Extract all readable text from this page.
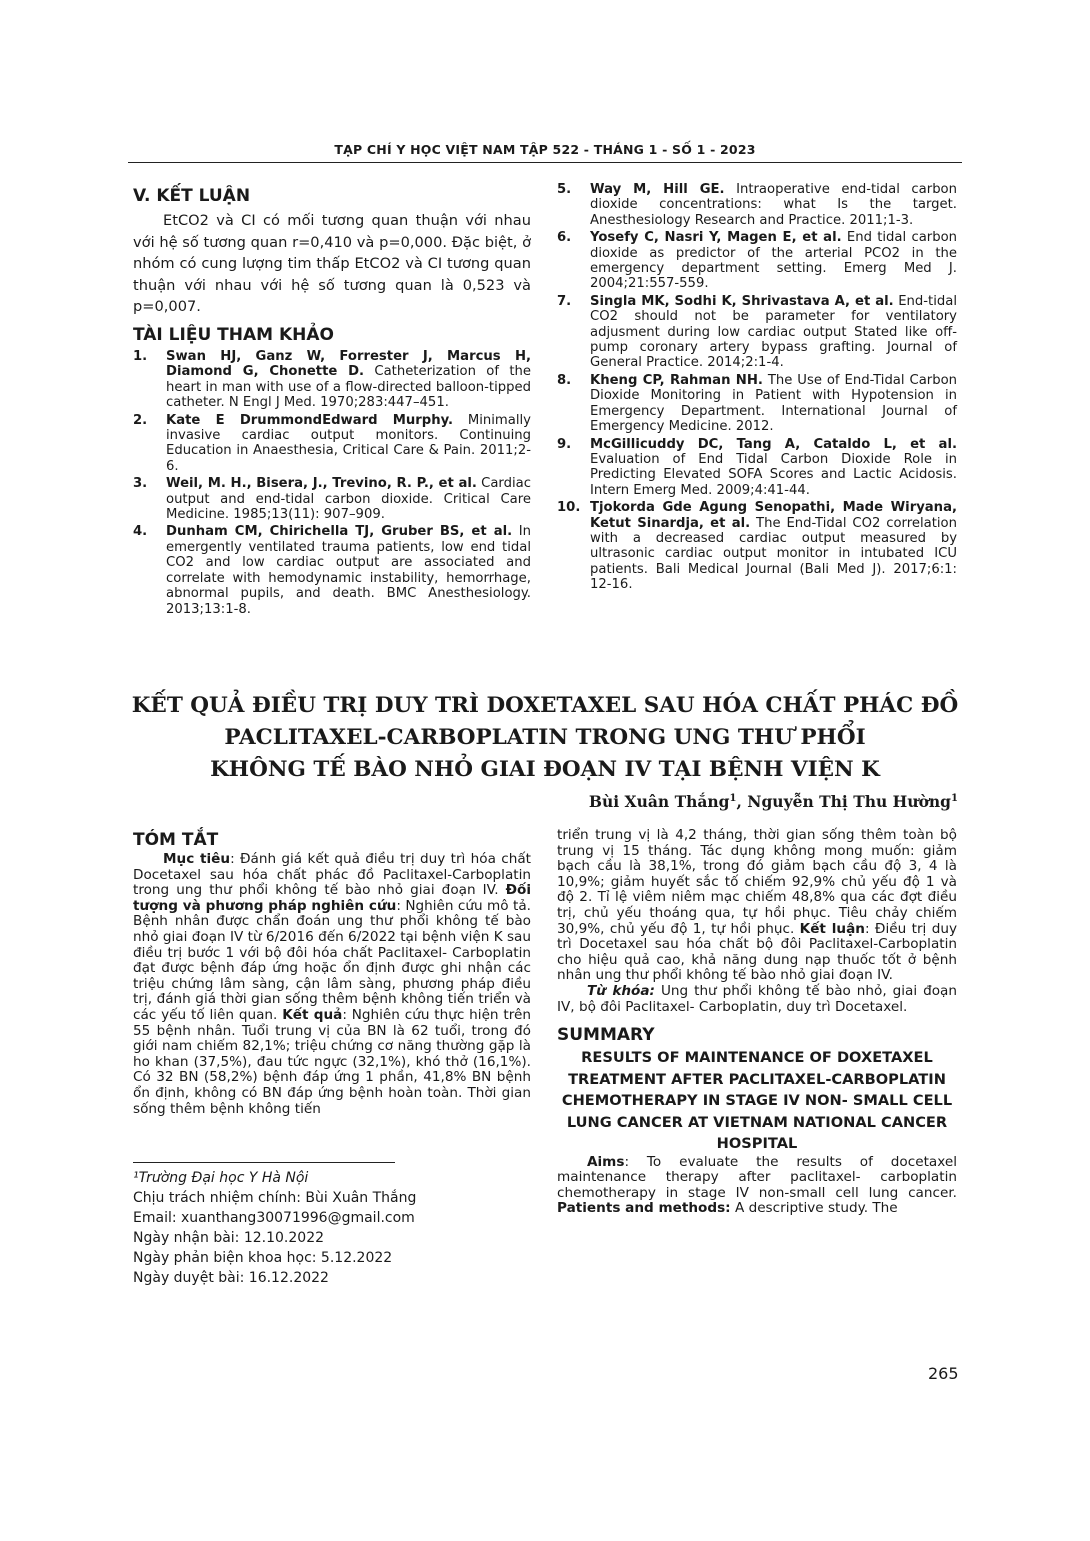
TẠP CHÍ Y HỌC VIỆT NAM TẬP 522 - THÁNG 1 - SỐ 1 - 2023
V. KẾT LUẬN

EtCO2 và CI có mối tương quan thuận với nhau với hệ số tương quan r=0,410 và p=0,000. Đặc biệt, ở nhóm có cung lượng tim thấp EtCO2 và CI tương quan thuận với nhau với hệ số tương quan là 0,523 và p=0,007.

TÀI LIỆU THAM KHẢO
1. Swan HJ, Ganz W, Forrester J, Marcus H, Diamond G, Chonette D. Catheterization of the heart in man with use of a flow-directed balloon-tipped catheter. N Engl J Med. 1970;283:447–451.
2. Kate E DrummondEdward Murphy. Minimally invasive cardiac output monitors. Continuing Education in Anaesthesia, Critical Care & Pain. 2011;2-6.
3. Weil, M. H., Bisera, J., Trevino, R. P., et al. Cardiac output and end-tidal carbon dioxide. Critical Care Medicine. 1985;13(11): 907–909.
4. Dunham CM, Chirichella TJ, Gruber BS, et al. In emergently ventilated trauma patients, low end tidal CO2 and low cardiac output are associated and correlate with hemodynamic instability, hemorrhage, abnormal pupils, and death. BMC Anesthesiology. 2013;13:1-8.
5. Way M, Hill GE. Intraoperative end-tidal carbon dioxide concentrations: what Is the target. Anesthesiology Research and Practice. 2011;1-3.
6. Yosefy C, Nasri Y, Magen E, et al. End tidal carbon dioxide as predictor of the arterial PCO2 in the emergency department setting. Emerg Med J. 2004;21:557-559.
7. Singla MK, Sodhi K, Shrivastava A, et al. End-tidal CO2 should not be parameter for ventilatory adjusment during low cardiac output Stated like off-pump coronary artery bypass grafting. Journal of General Practice. 2014;2:1-4.
8. Kheng CP, Rahman NH. The Use of End-Tidal Carbon Dioxide Monitoring in Patient with Hypotension in Emergency Department. International Journal of Emergency Medicine. 2012.
9. McGillicuddy DC, Tang A, Cataldo L, et al. Evaluation of End Tidal Carbon Dioxide Role in Predicting Elevated SOFA Scores and Lactic Acidosis. Intern Emerg Med. 2009;4:41-44.
10. Tjokorda Gde Agung Senopathi, Made Wiryana, Ketut Sinardja, et al. The End-Tidal CO2 correlation with a decreased cardiac output measured by ultrasonic cardiac output monitor in intubated ICU patients. Bali Medical Journal (Bali Med J). 2017;6:1: 12-16.
KẾT QUẢ ĐIỀU TRỊ DUY TRÌ DOXETAXEL SAU HÓA CHẤT PHÁC ĐỒ
PACLITAXEL-CARBOPLATIN TRONG UNG THƯ PHỔI
KHÔNG TẾ BÀO NHỎ GIAI ĐOẠN IV TẠI BỆNH VIỆN K
Bùi Xuân Thắng$^1$, Nguyễn Thị Thu Hường$^1$
TÓM TẮT

Mục tiêu: Đánh giá kết quả điều trị duy trì hóa chất Docetaxel sau hóa chất phác đồ Paclitaxel-Carboplatin trong ung thư phổi không tế bào nhỏ giai đoạn IV. Đối tượng và phương pháp nghiên cứu: Nghiên cứu mô tả. Bệnh nhân được chẩn đoán ung thư phổi không tế bào nhỏ giai đoạn IV từ 6/2016 đến 6/2022 tại bệnh viện K sau điều trị bước 1 với bộ đôi hóa chất Paclitaxel- Carboplatin đạt được bệnh đáp ứng hoặc ổn định được ghi nhận các triệu chứng lâm sàng, cận lâm sàng, phương pháp điều trị, đánh giá thời gian sống thêm bệnh không tiến triển và các yếu tố liên quan. Kết quả: Nghiên cứu thực hiện trên 55 bệnh nhân. Tuổi trung vị của BN là 62 tuổi, trong đó giới nam chiếm 82,1%; triệu chứng cơ năng thường gặp là ho khan (37,5%), đau tức ngực (32,1%), khó thở (16,1%). Có 32 BN (58,2%) bệnh đáp ứng 1 phần, 41,8% BN bệnh ổn định, không có BN đáp ứng bệnh hoàn toàn. Thời gian sống thêm bệnh không tiến

triển trung vị là 4,2 tháng, thời gian sống thêm toàn bộ trung vị 15 tháng. Tác dụng không mong muốn: giảm bạch cầu là 38,1%, trong đó giảm bạch cầu độ 3, 4 là 10,9%; giảm huyết sắc tố chiếm 92,9% chủ yếu độ 1 và độ 2. Tỉ lệ viêm niêm mạc chiếm 48,8% qua các đợt điều trị, chủ yếu thoáng qua, tự hồi phục. Tiêu chảy chiếm 30,9%, chủ yếu độ 1, tự hồi phục. Kết luận: Điều trị duy trì Docetaxel sau hóa chất bộ đôi Paclitaxel-Carboplatin cho hiệu quả cao, khả năng dung nạp thuốc tốt ở bệnh nhân ung thư phổi không tế bào nhỏ giai đoạn IV.

Từ khóa: Ung thư phổi không tế bào nhỏ, giai đoạn IV, bộ đôi Paclitaxel- Carboplatin, duy trì Docetaxel.

SUMMARY

RESULTS OF MAINTENANCE OF DOXETAXEL TREATMENT AFTER PACLITAXEL-CARBOPLATIN CHEMOTHERAPY IN STAGE IV NON- SMALL CELL LUNG CANCER AT VIETNAM NATIONAL CANCER HOSPITAL

Aims: To evaluate the results of docetaxel maintenance therapy after paclitaxel- carboplatin chemotherapy in stage IV non-small cell lung cancer. Patients and methods: A descriptive study. The

¹Trường Đại học Y Hà Nội
Chịu trách nhiệm chính: Bùi Xuân Thắng
Email: xuanthang30071996@gmail.com
Ngày nhận bài: 12.10.2022
Ngày phản biện khoa học: 5.12.2022
Ngày duyệt bài: 16.12.2022
265
